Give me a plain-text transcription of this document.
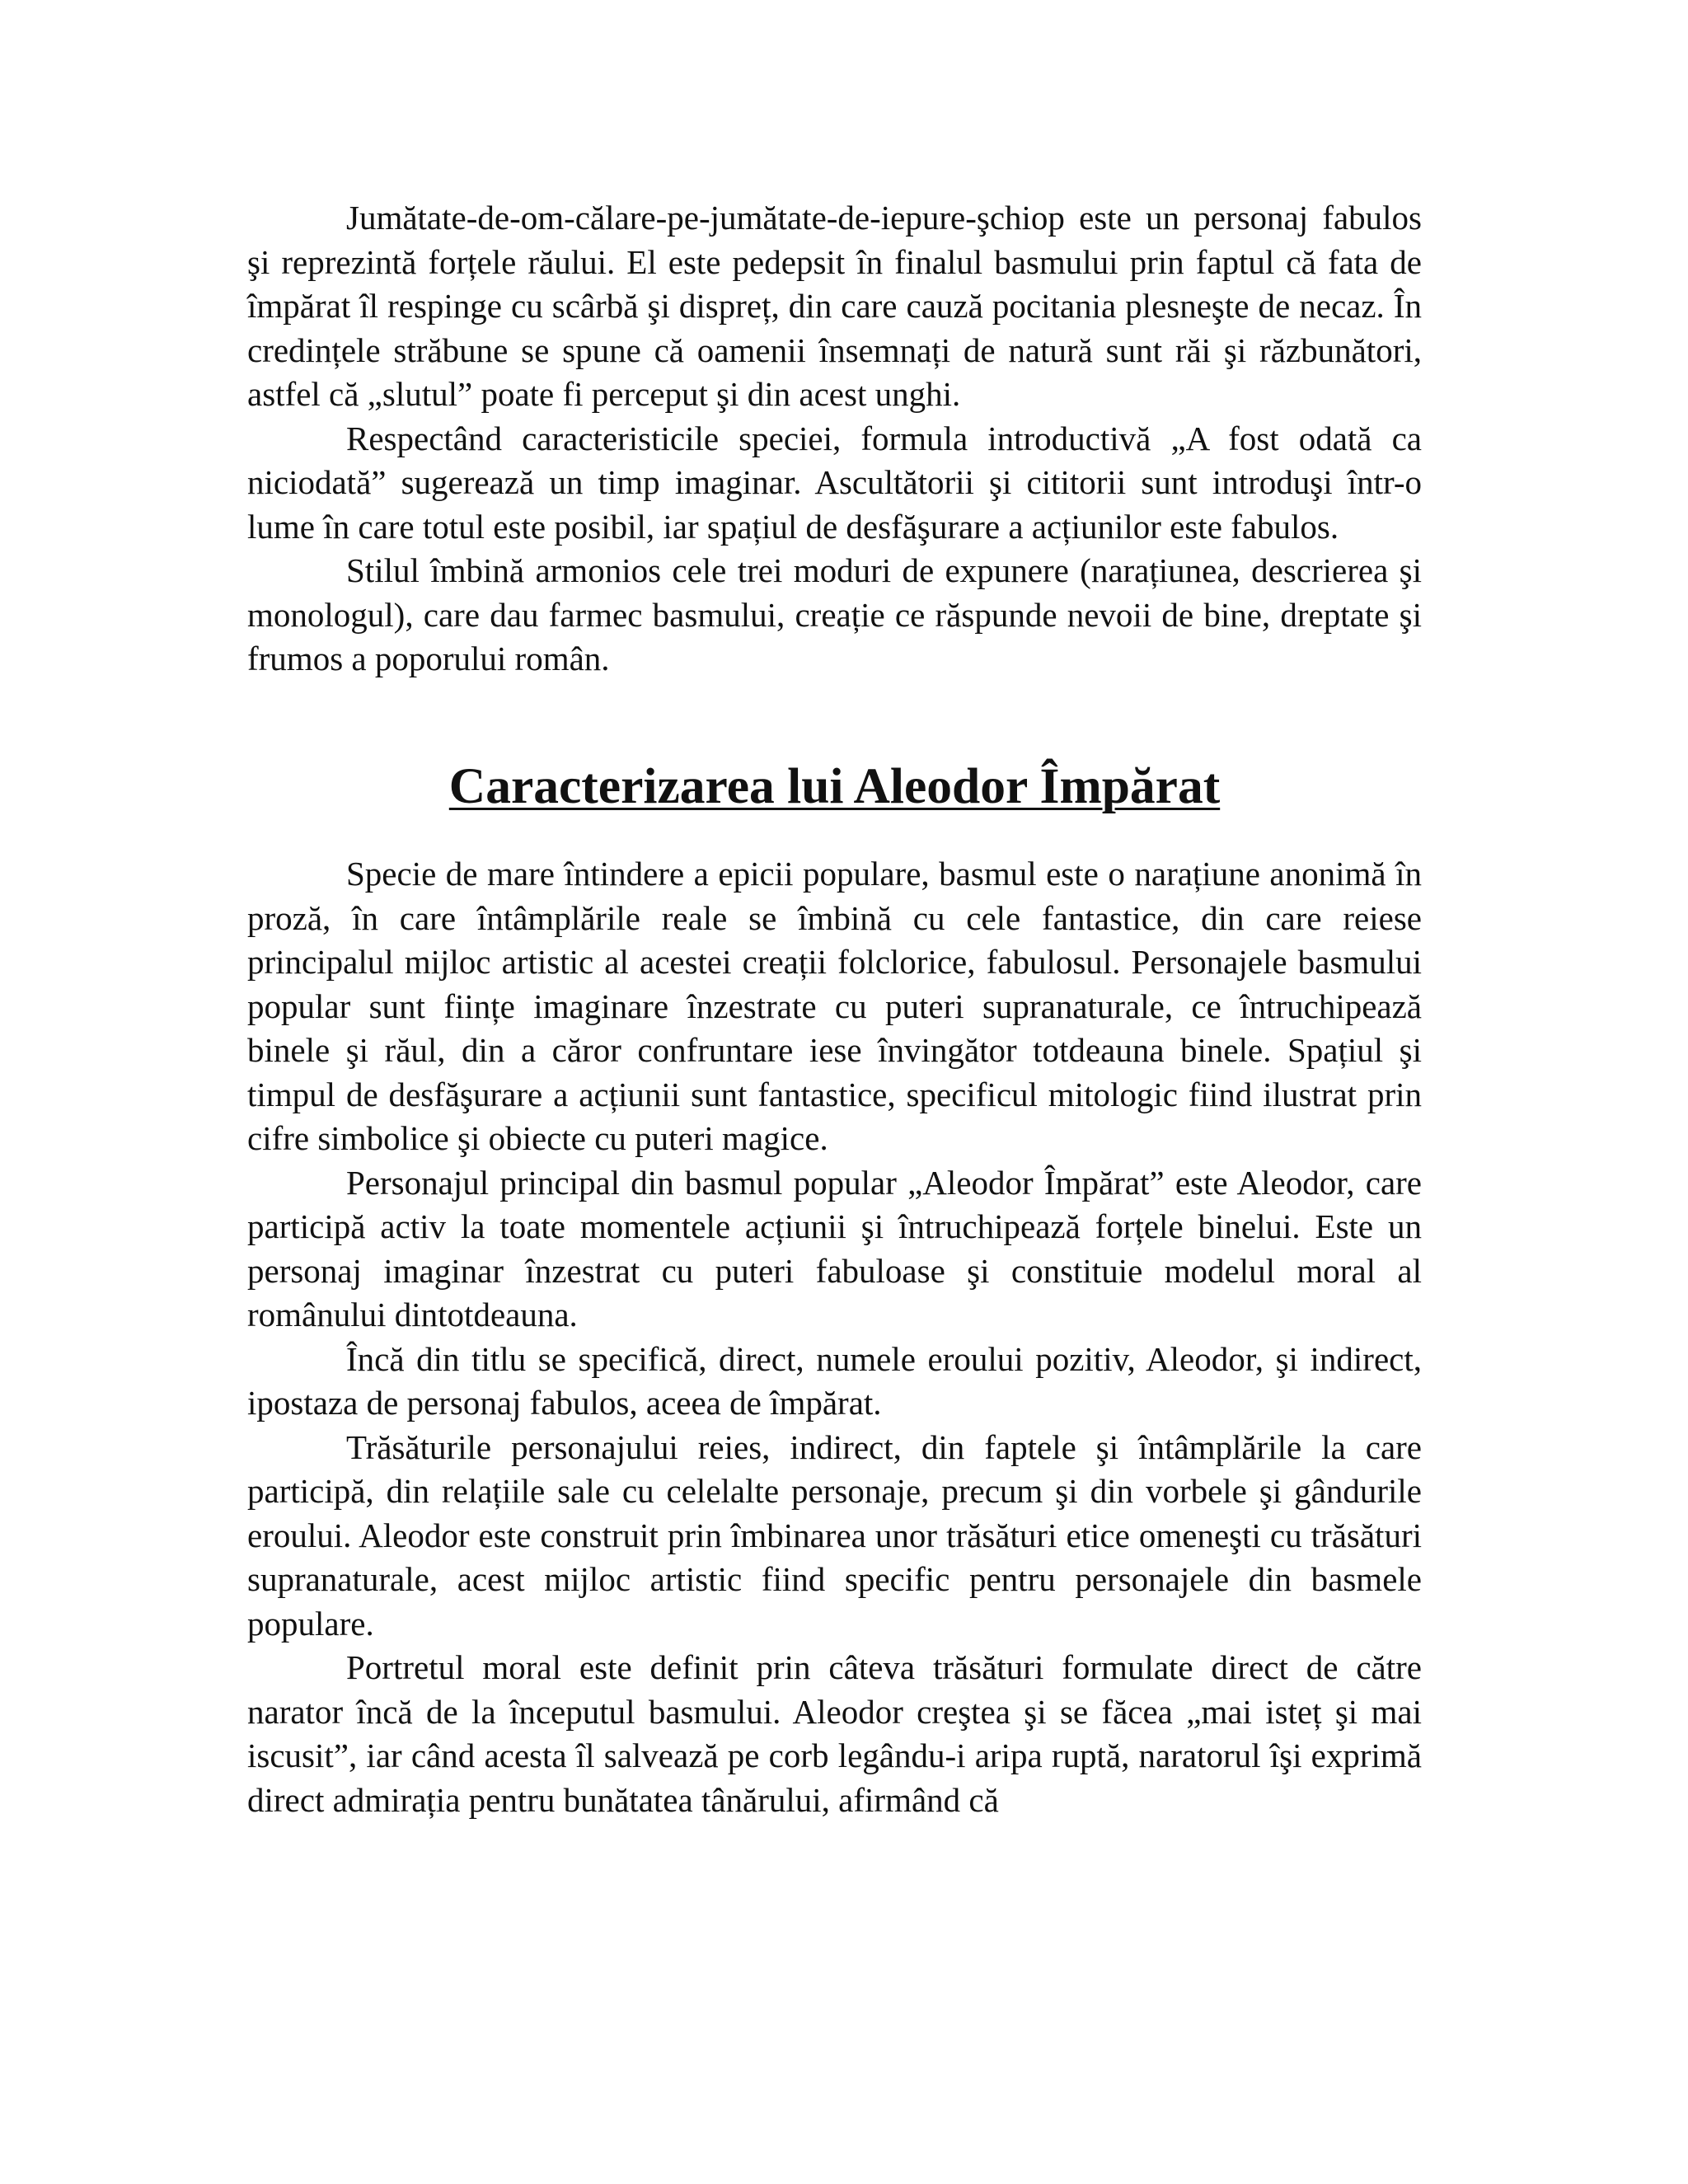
Jumătate-de-om-călare-pe-jumătate-de-iepure-şchiop este un personaj fabulos şi reprezintă forțele răului. El este pedepsit în finalul basmului prin faptul că fata de împărat îl respinge cu scârbă şi dispreț, din care cauză pocitania plesneşte de necaz. În credințele străbune se spune că oamenii însemnați de natură sunt răi şi răzbunători, astfel că „slutul” poate fi perceput şi din acest unghi.

Respectând caracteristicile speciei, formula introductivă „A fost odată ca niciodată” sugerează un timp imaginar. Ascultătorii şi cititorii sunt introduşi într-o lume în care totul este posibil, iar spațiul de desfăşurare a acțiunilor este fabulos.

Stilul îmbină armonios cele trei moduri de expunere (narațiunea, descrierea şi monologul), care dau farmec basmului, creație ce răspunde nevoii de bine, dreptate şi frumos a poporului român.

Caracterizarea lui Aleodor Împărat

Specie de mare întindere a epicii populare, basmul este o narațiune anonimă în proză, în care întâmplările reale se îmbină cu cele fantastice, din care reiese principalul mijloc artistic al acestei creații folclorice, fabulosul. Personajele basmului popular sunt ființe imaginare înzestrate cu puteri supranaturale, ce întruchipează binele şi răul, din a căror confruntare iese învingător totdeauna binele. Spațiul şi timpul de desfăşurare a acțiunii sunt fantastice, specificul mitologic fiind ilustrat prin cifre simbolice şi obiecte cu puteri magice.

Personajul principal din basmul popular „Aleodor Împărat” este Aleodor, care participă activ la toate momentele acțiunii şi întruchipează forțele binelui. Este un personaj imaginar înzestrat cu puteri fabuloase şi constituie modelul moral al românului dintotdeauna.

Încă din titlu se specifică, direct, numele eroului pozitiv, Aleodor, şi indirect, ipostaza de personaj fabulos, aceea de împărat.

Trăsăturile personajului reies, indirect, din faptele şi întâmplările la care participă, din relațiile sale cu celelalte personaje, precum şi din vorbele şi gândurile eroului. Aleodor este construit prin îmbinarea unor trăsături etice omeneşti cu trăsături supranaturale, acest mijloc artistic fiind specific pentru personajele din basmele populare.

Portretul moral este definit prin câteva trăsături formulate direct de către narator încă de la începutul basmului. Aleodor creştea şi se făcea „mai isteț şi mai iscusit”, iar când acesta îl salvează pe corb legându-i aripa ruptă, naratorul îşi exprimă direct admirația pentru bunătatea tânărului, afirmând că
